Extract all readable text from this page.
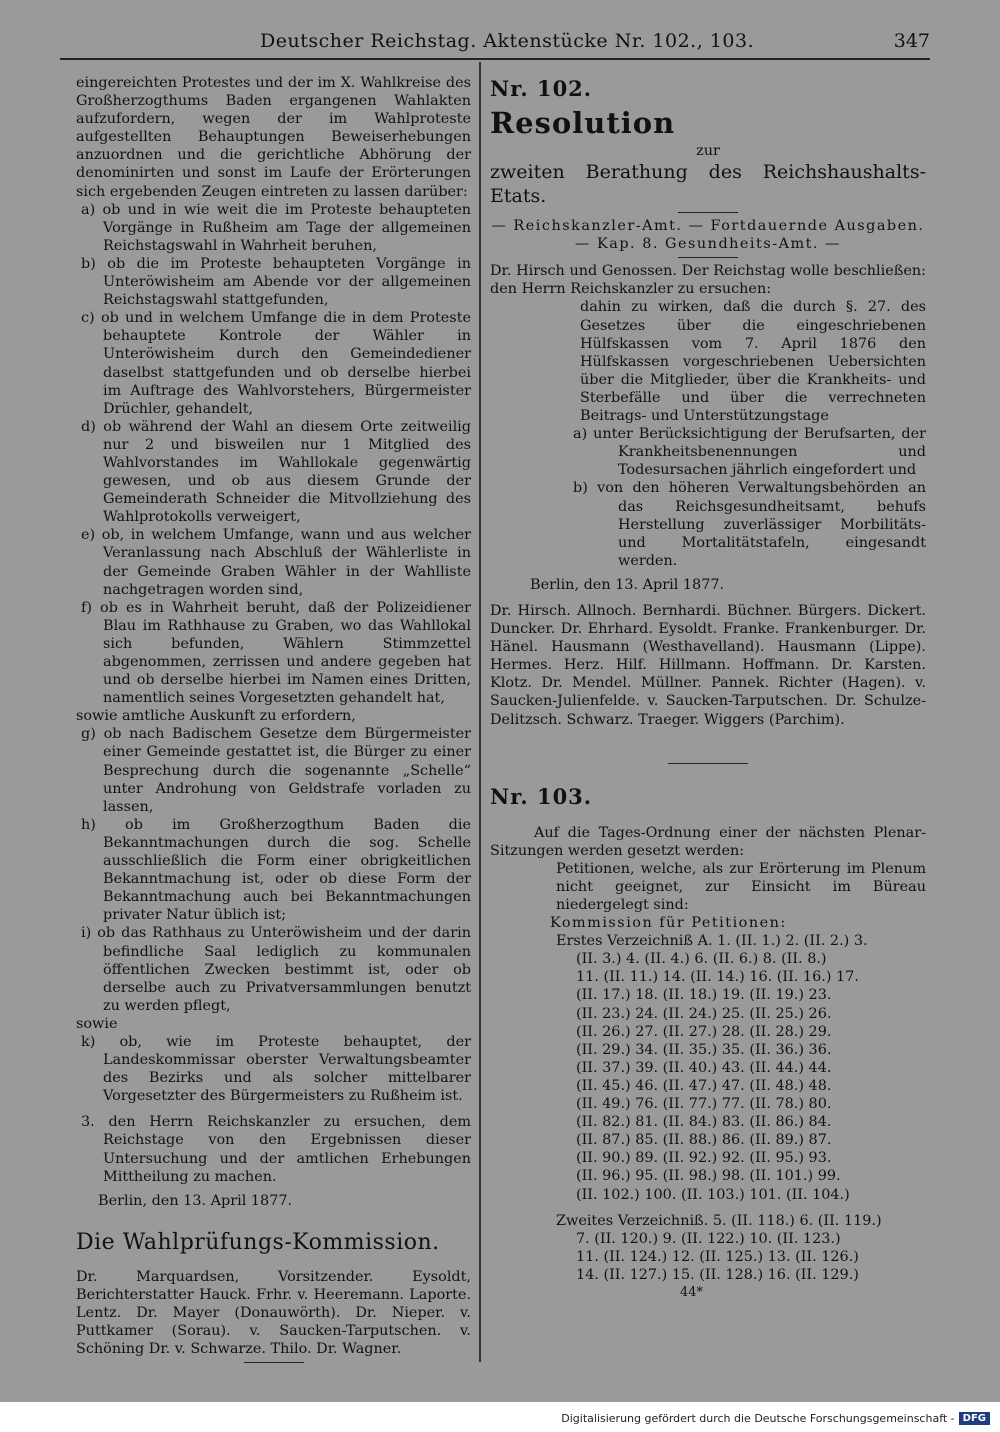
Deutscher Reichstag. Aktenstücke Nr. 102., 103.	347

eingereichten Protestes und der im X. Wahlkreise des Großherzogthums Baden ergangenen Wahlakten aufzufordern, wegen der im Wahlproteste aufgestellten Behauptungen Beweiserhebungen anzuordnen und die gerichtliche Abhörung der denominirten und sonst im Laufe der Erörterungen sich ergebenden Zeugen eintreten zu lassen darüber:

a) ob und in wie weit die im Proteste behaupteten Vorgänge in Rußheim am Tage der allgemeinen Reichstagswahl in Wahrheit beruhen,

b) ob die im Proteste behaupteten Vorgänge in Unteröwisheim am Abende vor der allgemeinen Reichstagswahl stattgefunden,

c) ob und in welchem Umfange die in dem Proteste behauptete Kontrole der Wähler in Unteröwisheim durch den Gemeindediener daselbst stattgefunden und ob derselbe hierbei im Auftrage des Wahlvorstehers, Bürgermeister Drüchler, gehandelt,

d) ob während der Wahl an diesem Orte zeitweilig nur 2 und bisweilen nur 1 Mitglied des Wahlvorstandes im Wahllokale gegenwärtig gewesen, und ob aus diesem Grunde der Gemeinderath Schneider die Mitvollziehung des Wahlprotokolls verweigert,

e) ob, in welchem Umfange, wann und aus welcher Veranlassung nach Abschluß der Wählerliste in der Gemeinde Graben Wähler in der Wahlliste nachgetragen worden sind,

f) ob es in Wahrheit beruht, daß der Polizeidiener Blau im Rathhause zu Graben, wo das Wahllokal sich befunden, Wählern Stimmzettel abgenommen, zerrissen und andere gegeben hat und ob derselbe hierbei im Namen eines Dritten, namentlich seines Vorgesetzten gehandelt hat,

sowie amtliche Auskunft zu erfordern,

g) ob nach Badischem Gesetze dem Bürgermeister einer Gemeinde gestattet ist, die Bürger zu einer Besprechung durch die sogenannte „Schelle“ unter Androhung von Geldstrafe vorladen zu lassen,

h) ob im Großherzogthum Baden die Bekanntmachungen durch die sog. Schelle ausschließlich die Form einer obrigkeitlichen Bekanntmachung ist, oder ob diese Form der Bekanntmachung auch bei Bekanntmachungen privater Natur üblich ist;

i) ob das Rathhaus zu Unteröwisheim und der darin befindliche Saal lediglich zu kommunalen öffentlichen Zwecken bestimmt ist, oder ob derselbe auch zu Privatversammlungen benutzt zu werden pflegt,

sowie

k) ob, wie im Proteste behauptet, der Landeskommissar oberster Verwaltungsbeamter des Bezirks und als solcher mittelbarer Vorgesetzter des Bürgermeisters zu Rußheim ist.

3. den Herrn Reichskanzler zu ersuchen, dem Reichstage von den Ergebnissen dieser Untersuchung und der amtlichen Erhebungen Mittheilung zu machen.

Berlin, den 13. April 1877.

Die Wahlprüfungs-Kommission.

Dr. Marquardsen, Vorsitzender. Eysoldt, Berichterstatter Hauck. Frhr. v. Heeremann. Laporte. Lentz. Dr. Mayer (Donauwörth). Dr. Nieper. v. Puttkamer (Sorau). v. Saucken-Tarputschen. v. Schöning Dr. v. Schwarze. Thilo. Dr. Wagner.

Nr. 102.

Resolution

zur

zweiten Berathung des Reichshaushalts-Etats.

— Reichskanzler-Amt. — Fortdauernde Ausgaben.

— Kap. 8. Gesundheits-Amt. —

Dr. Hirsch und Genossen. Der Reichstag wolle beschließen: den Herrn Reichskanzler zu ersuchen:

dahin zu wirken, daß die durch §. 27. des Gesetzes über die eingeschriebenen Hülfskassen vom 7. April 1876 den Hülfskassen vorgeschriebenen Uebersichten über die Mitglieder, über die Krankheits- und Sterbefälle und über die verrechneten Beitrags- und Unterstützungstage

a) unter Berücksichtigung der Berufsarten, der Krankheitsbenennungen und Todesursachen jährlich eingefordert und

b) von den höheren Verwaltungsbehörden an das Reichsgesundheitsamt, behufs Herstellung zuverlässiger Morbilitäts- und Mortalitätstafeln, eingesandt werden.

Berlin, den 13. April 1877.

Dr. Hirsch. Allnoch. Bernhardi. Büchner. Bürgers. Dickert. Duncker. Dr. Ehrhard. Eysoldt. Franke. Frankenburger. Dr. Hänel. Hausmann (Westhavelland). Hausmann (Lippe). Hermes. Herz. Hilf. Hillmann. Hoffmann. Dr. Karsten. Klotz. Dr. Mendel. Müllner. Pannek. Richter (Hagen). v. Saucken-Julienfelde. v. Saucken-Tarputschen. Dr. Schulze-Delitzsch. Schwarz. Traeger. Wiggers (Parchim).

Nr. 103.

Auf die Tages-Ordnung einer der nächsten Plenar-Sitzungen werden gesetzt werden:

Petitionen, welche, als zur Erörterung im Plenum nicht geeignet, zur Einsicht im Büreau niedergelegt sind:

Kommission für Petitionen:

Erstes Verzeichniß A. 1. (II. 1.) 2. (II. 2.) 3.
(II. 3.) 4. (II. 4.) 6. (II. 6.) 8. (II. 8.)
11. (II. 11.) 14. (II. 14.) 16. (II. 16.) 17.
(II. 17.) 18. (II. 18.) 19. (II. 19.) 23.
(II. 23.) 24. (II. 24.) 25. (II. 25.) 26.
(II. 26.) 27. (II. 27.) 28. (II. 28.) 29.
(II. 29.) 34. (II. 35.) 35. (II. 36.) 36.
(II. 37.) 39. (II. 40.) 43. (II. 44.) 44.
(II. 45.) 46. (II. 47.) 47. (II. 48.) 48.
(II. 49.) 76. (II. 77.) 77. (II. 78.) 80.
(II. 82.) 81. (II. 84.) 83. (II. 86.) 84.
(II. 87.) 85. (II. 88.) 86. (II. 89.) 87.
(II. 90.) 89. (II. 92.) 92. (II. 95.) 93.
(II. 96.) 95. (II. 98.) 98. (II. 101.) 99.
(II. 102.) 100. (II. 103.) 101. (II. 104.)
Zweites Verzeichniß. 5. (II. 118.) 6. (II. 119.)
7. (II. 120.) 9. (II. 122.) 10. (II. 123.)
11. (II. 124.) 12. (II. 125.) 13. (II. 126.)
14. (II. 127.) 15. (II. 128.) 16. (II. 129.)

44*

Digitalisierung gefördert durch die Deutsche Forschungsgemeinschaft - DFG
